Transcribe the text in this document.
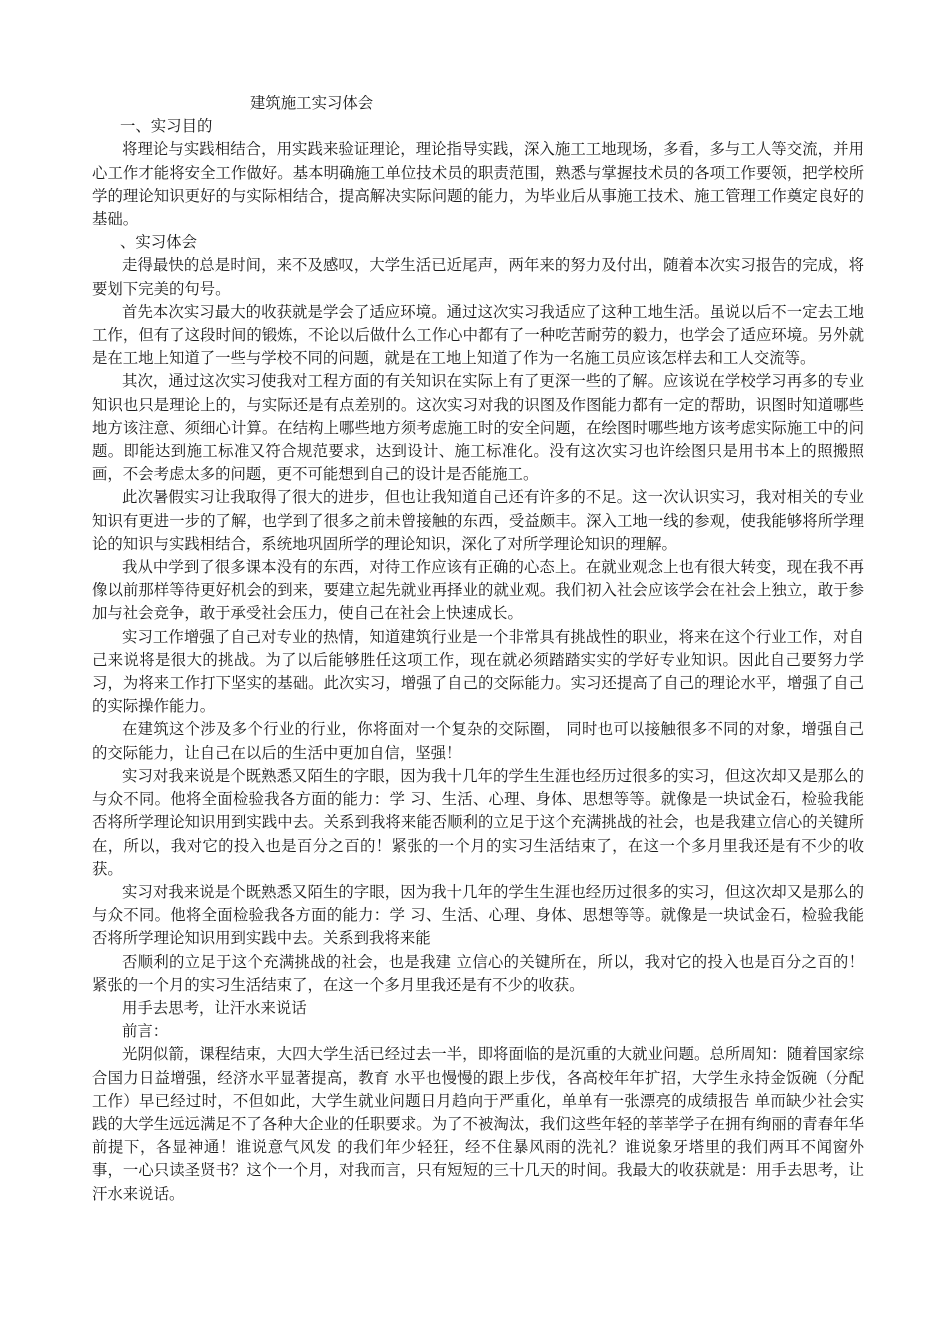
建筑施工实习体会

一、实习目的

将理论与实践相结合，用实践来验证理论，理论指导实践，深入施工工地现场，多看，多与工人等交流，并用心工作才能将安全工作做好。基本明确施工单位技术员的职责范围，熟悉与掌握技术员的各项工作要领，把学校所学的理论知识更好的与实际相结合，提高解决实际问题的能力，为毕业后从事施工技术、施工管理工作奠定良好的基础。

、实习体会

走得最快的总是时间，来不及感叹，大学生活已近尾声，两年来的努力及付出，随着本次实习报告的完成，将要划下完美的句号。

首先本次实习最大的收获就是学会了适应环境。通过这次实习我适应了这种工地生活。虽说以后不一定去工地工作，但有了这段时间的锻炼，不论以后做什么工作心中都有了一种吃苦耐劳的毅力，也学会了适应环境。另外就是在工地上知道了一些与学校不同的问题，就是在工地上知道了作为一名施工员应该怎样去和工人交流等。

其次，通过这次实习使我对工程方面的有关知识在实际上有了更深一些的了解。应该说在学校学习再多的专业知识也只是理论上的，与实际还是有点差别的。这次实习对我的识图及作图能力都有一定的帮助，识图时知道哪些地方该注意、须细心计算。在结构上哪些地方须考虑施工时的安全问题，在绘图时哪些地方该考虑实际施工中的问题。即能达到施工标准又符合规范要求，达到设计、施工标准化。没有这次实习也许绘图只是用书本上的照搬照画，不会考虑太多的问题，更不可能想到自己的设计是否能施工。

此次暑假实习让我取得了很大的进步，但也让我知道自己还有许多的不足。这一次认识实习，我对相关的专业知识有更进一步的了解，也学到了很多之前未曾接触的东西，受益颇丰。深入工地一线的参观，使我能够将所学理论的知识与实践相结合，系统地巩固所学的理论知识，深化了对所学理论知识的理解。

我从中学到了很多课本没有的东西，对待工作应该有正确的心态上。在就业观念上也有很大转变，现在我不再像以前那样等待更好机会的到来，要建立起先就业再择业的就业观。我们初入社会应该学会在社会上独立，敢于参加与社会竞争，敢于承受社会压力，使自己在社会上快速成长。

实习工作增强了自己对专业的热情，知道建筑行业是一个非常具有挑战性的职业，将来在这个行业工作，对自己来说将是很大的挑战。为了以后能够胜任这项工作，现在就必须踏踏实实的学好专业知识。因此自己要努力学习，为将来工作打下坚实的基础。此次实习，增强了自己的交际能力。实习还提高了自己的理论水平，增强了自己的实际操作能力。

在建筑这个涉及多个行业的行业，你将面对一个复杂的交际圈， 同时也可以接触很多不同的对象，增强自己的交际能力，让自己在以后的生活中更加自信，坚强！

实习对我来说是个既熟悉又陌生的字眼，因为我十几年的学生生涯也经历过很多的实习，但这次却又是那么的与众不同。他将全面检验我各方面的能力：学 习、生活、心理、身体、思想等等。就像是一块试金石，检验我能否将所学理论知识用到实践中去。关系到我将来能否顺利的立足于这个充满挑战的社会，也是我建立信心的关键所在，所以，我对它的投入也是百分之百的！紧张的一个月的实习生活结束了，在这一个多月里我还是有不少的收获。

实习对我来说是个既熟悉又陌生的字眼，因为我十几年的学生生涯也经历过很多的实习，但这次却又是那么的与众不同。他将全面检验我各方面的能力：学 习、生活、心理、身体、思想等等。就像是一块试金石，检验我能否将所学理论知识用到实践中去。关系到我将来能

否顺利的立足于这个充满挑战的社会，也是我建 立信心的关键所在，所以，我对它的投入也是百分之百的！紧张的一个月的实习生活结束了，在这一个多月里我还是有不少的收获。

用手去思考，让汗水来说话

前言：

光阴似箭，课程结束，大四大学生活已经过去一半，即将面临的是沉重的大就业问题。总所周知：随着国家综合国力日益增强，经济水平显著提高，教育 水平也慢慢的跟上步伐，各高校年年扩招，大学生永持金饭碗（分配工作）早已经过时，不但如此，大学生就业问题日月趋向于严重化，单单有一张漂亮的成绩报告 单而缺少社会实践的大学生远远满足不了各种大企业的任职要求。为了不被淘汰，我们这些年轻的莘莘学子在拥有绚丽的青春年华前提下，各显神通！谁说意气风发 的我们年少轻狂，经不住暴风雨的洗礼？谁说象牙塔里的我们两耳不闻窗外事，一心只读圣贤书？这个一个月，对我而言，只有短短的三十几天的时间。我最大的收获就是：用手去思考，让汗水来说话。
